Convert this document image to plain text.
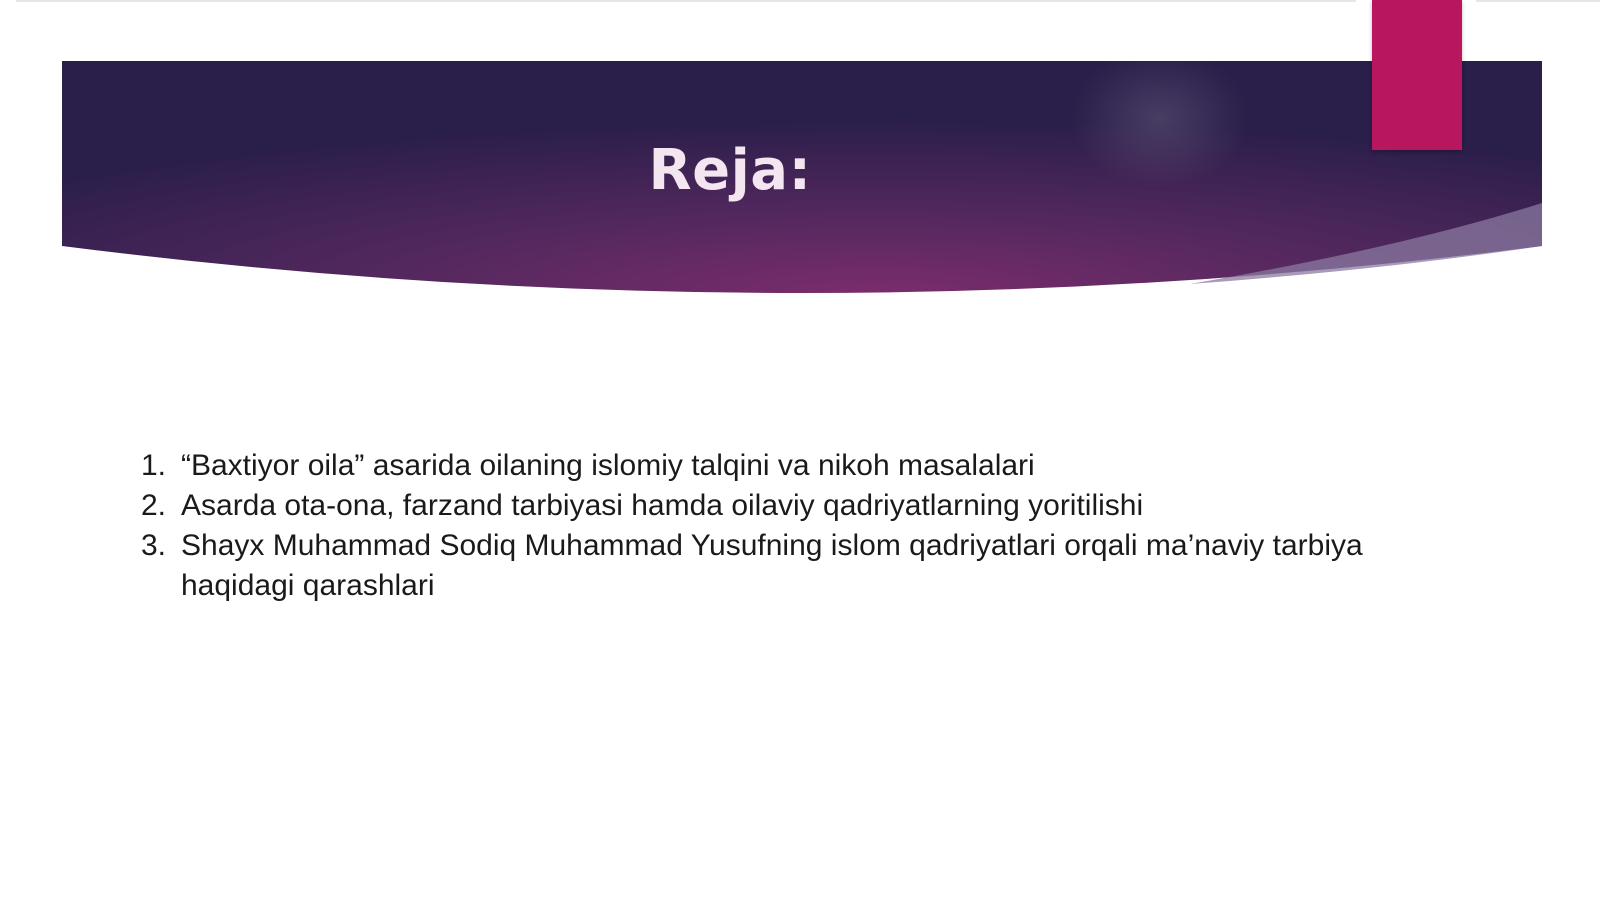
Reja:
1. “Baxtiyor oila” asarida oilaning islomiy talqini va nikoh masalalari
2. Asarda ota-ona, farzand tarbiyasi hamda oilaviy qadriyatlarning yoritilishi
3. Shayx Muhammad Sodiq Muhammad Yusufning islom qadriyatlari orqali ma’naviy tarbiya haqidagi qarashlari
